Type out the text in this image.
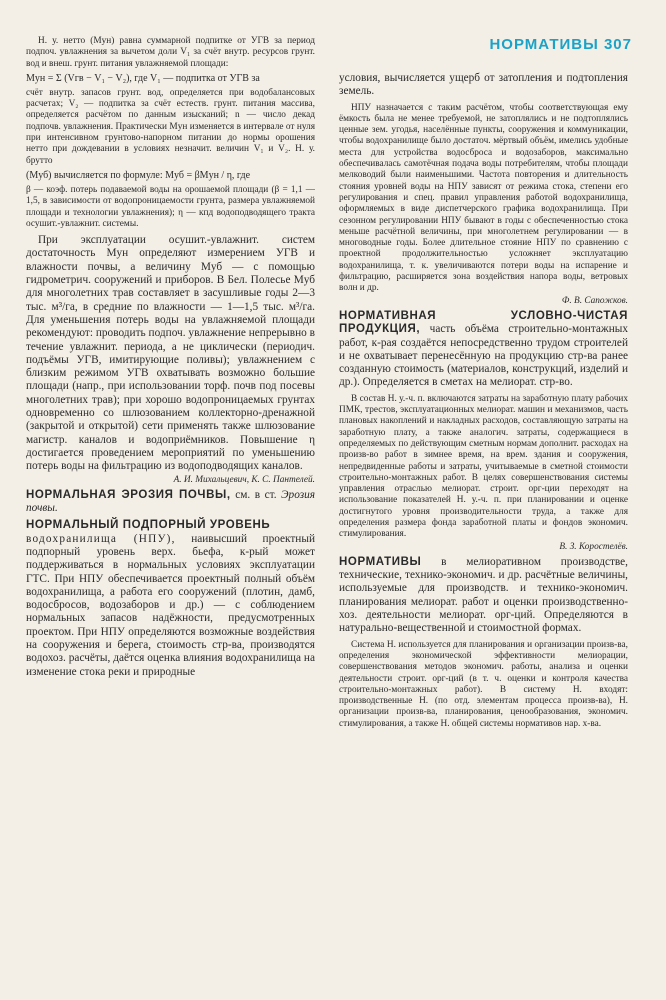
НОРМАТИВЫ 307

Н. у. нетто (Mун) равна суммарной подпитке от УГВ за период подпоч. увлажнения за вычетом доли V₁ за счёт внутр. ресурсов грунт. вод и внеш. грунт. питания увлажняемой площади:

Mун = Σ (Vгв − V₁ − V₂), где V₁ — подпитка от УГВ за

счёт внутр. запасов грунт. вод, определяется при водобалансовых расчетах; V₂ — подпитка за счёт естеств. грунт. питания массива, определяется расчётом по данным изысканий; n — число декад подпочв. увлажнения. Практически Mун изменяется в интервале от нуля при интенсивном грунтово-напорном питании до нормы орошения нетто при дождевании в условиях незначит. величин V₁ и V₂. Н. у. брутто

(Mуб) вычисляется по формуле: Mуб = βMун / η, где

β — коэф. потерь подаваемой воды на орошаемой площади (β = 1,1 — 1,5, в зависимости от водопроницаемости грунта, размера увлажняемой площади и технологии увлажнения); η — кпд водоподводящего тракта осушит.-увлажнит. системы.

При эксплуатации осушит.-увлажнит. систем достаточность Mун определяют измерением УГВ и влажности почвы, а величину Mуб — с помощью гидрометрич. сооружений и приборов. В Бел. Полесье Mуб для многолетних трав составляет в засушливые годы 2—3 тыс. м³/га, в средние по влажности — 1—1,5 тыс. м³/га. Для уменьшения потерь воды на увлажняемой площади рекомендуют: проводить подпоч. увлажнение непрерывно в течение увлажнит. периода, а не циклически (периодич. подъёмы УГВ, имитирующие поливы); увлажнением с близким режимом УГВ охватывать возможно большие площади (напр., при использовании торф. почв под посевы многолетних трав); при хорошо водопроницаемых грунтах одновременно со шлюзованием коллекторно-дренажной (закрытой и открытой) сети применять также шлюзование магистр. каналов и водоприёмников. Повышение η достигается проведением мероприятий по уменьшению потерь воды на фильтрацию из водоподводящих каналов.

А. И. Михальцевич, К. С. Пантелей.

НОРМАЛЬНАЯ ЭРОЗИЯ ПОЧВЫ, см. в ст. Эрозия почвы.

НОРМАЛЬНЫЙ ПОДПОРНЫЙ УРОВЕНЬ
водохранилища (НПУ), наивысший проектный подпорный уровень верх. бьефа, к-рый может поддерживаться в нормальных условиях эксплуатации ГТС. При НПУ обеспечивается проектный полный объём водохранилища, а работа его сооружений (плотин, дамб, водосбросов, водозаборов и др.) — с соблюдением нормальных запасов надёжности, предусмотренных проектом. При НПУ определяются возможные воздействия на сооружения и берега, стоимость стр-ва, производятся водохоз. расчёты, даётся оценка влияния водохранилища на изменение стока реки и природные

условия, вычисляется ущерб от затопления и подтопления земель.

НПУ назначается с таким расчётом, чтобы соответствующая ему ёмкость была не менее требуемой, не затоплялись и не подтоплялись ценные зем. угодья, населённые пункты, сооружения и коммуникации, чтобы водохранилище было достаточ. мёртвый объём, имелись удобные места для устройства водосброса и водозаборов, максимально обеспечивалась самотёчная подача воды потребителям, чтобы площади мелководий были наименьшими. Частота повторения и длительность стояния уровней воды на НПУ зависят от режима стока, степени его регулирования и спец. правил управления работой водохранилища, оформляемых в виде диспетчерского графика водохранилища. При сезонном регулировании НПУ бывают в годы с обеспеченностью стока меньше расчётной величины, при многолетнем регулировании — в многоводные годы. Более длительное стояние НПУ по сравнению с проектной продолжительностью усложняет эксплуатацию водохранилища, т. к. увеличиваются потери воды на испарение и фильтрацию, расширяется зона воздействия напора воды, ветровых волн и др.

Ф. В. Сапожков.

НОРМАТИВНАЯ УСЛОВНО-ЧИСТАЯ ПРОДУКЦИЯ, часть объёма строительно-монтажных работ, к-рая создаётся непосредственно трудом строителей и не охватывает перенесённую на продукцию стр-ва ранее созданную стоимость (материалов, конструкций, изделий и др.). Определяется в сметах на мелиорат. стр-во.

В состав Н. у.-ч. п. включаются затраты на заработную плату рабочих ПМК, трестов, эксплуатационных мелиорат. машин и механизмов, часть плановых накоплений и накладных расходов, составляющую затраты на заработную плату, а также аналогич. затраты, содержащиеся в определяемых по действующим сметным нормам дополнит. расходах на произв-во работ в зимнее время, на врем. здания и сооружения, непредвиденные работы и затраты, учитываемые в сметной стоимости строительно-монтажных работ. В целях совершенствования системы управления отраслью мелиорат. строит. орг-ции переходят на использование показателей Н. у.-ч. п. при планировании и оценке достигнутого уровня производительности труда, а также для определения размера фонда заработной платы и фондов экономич. стимулирования.

В. З. Коростелёв.

НОРМАТИВЫ в мелиоративном производстве, технические, технико-экономич. и др. расчётные величины, используемые для производств. и технико-экономич. планирования мелиорат. работ и оценки производственно-хоз. деятельности мелиорат. орг-ций. Определяются в натурально-вещественной и стоимостной формах.

Система Н. используется для планирования и организации произв-ва, определения экономической эффективности мелиорации, совершенствования методов экономич. работы, анализа и оценки деятельности строит. орг-ций (в т. ч. оценки и контроля качества строительно-монтажных работ). В систему Н. входят: производственные Н. (по отд. элементам процесса произв-ва), Н. организации произв-ва, планирования, ценообразования, экономич. стимулирования, а также Н. общей системы нормативов нар. х-ва.
